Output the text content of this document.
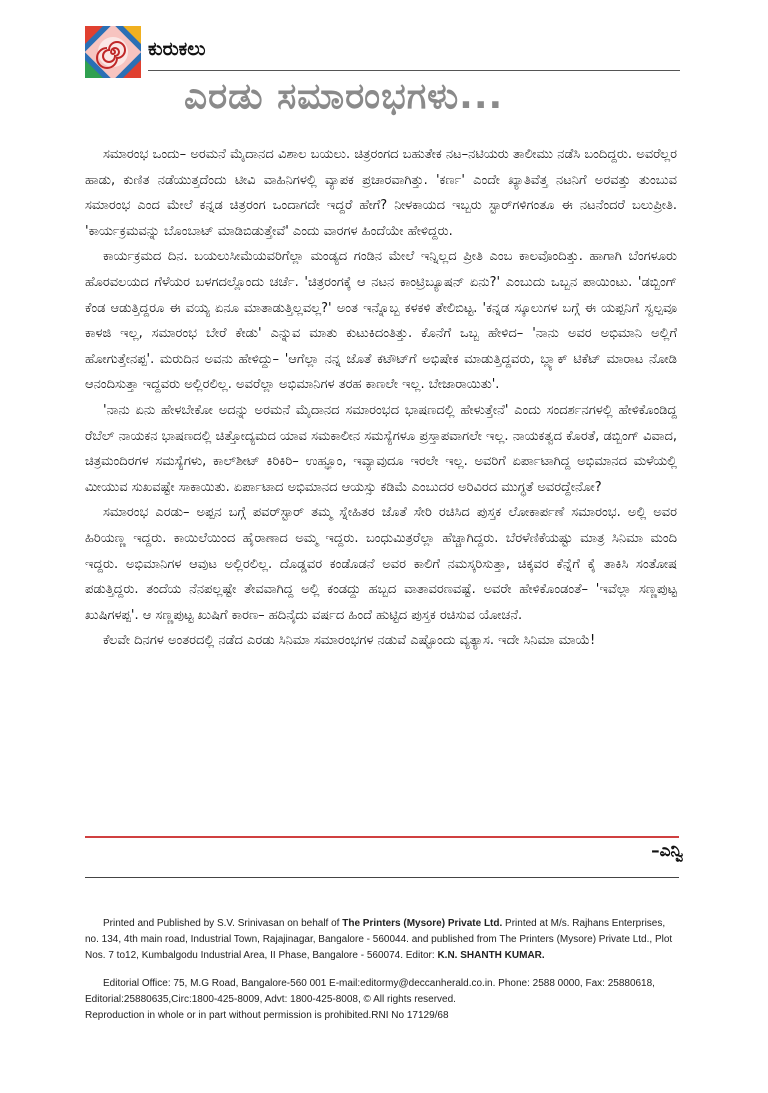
ಕುರುಕಲು
ಎರಡು ಸಮಾರಂಭಗಳು...

ಸಮಾರಂಭ ಒಂದು– ಅರಮನೆ ಮೈದಾನದ ವಿಶಾಲ ಬಯಲು. ಚಿತ್ರರಂಗದ ಬಹುತೇಕ ನಟ–ನಟಿಯರು ತಾಲೀಮು ನಡೆಸಿ ಬಂದಿದ್ದರು. ಅವರೆಲ್ಲರ ಹಾಡು, ಕುಣಿತ ನಡೆಯುತ್ತದೆಂದು ಟೀವಿ ವಾಹಿನಿಗಳಲ್ಲಿ ವ್ಯಾಪಕ ಪ್ರಚಾರವಾಗಿತ್ತು. 'ಕರ್ಣ' ಎಂದೇ ಖ್ಯಾತಿವೆತ್ತ ನಟನಿಗೆ ಅರವತ್ತು ತುಂಬುವ ಸಮಾರಂಭ ಎಂದ ಮೇಲೆ ಕನ್ನಡ ಚಿತ್ರರಂಗ ಒಂದಾಗದೇ ಇದ್ದರೆ ಹೇಗೆ? ನೀಳಕಾಯದ ಇಬ್ಬರು ಸ್ಟಾರ್‌ಗಳಿಗಂತೂ ಈ ನಟನೆಂದರೆ ಬಲುಪ್ರೀತಿ. 'ಕಾರ್ಯಕ್ರಮವನ್ನು ಬೊಂಬಾಟ್ ಮಾಡಿಬಿಡುತ್ತೇವೆ' ಎಂದು ವಾರಗಳ ಹಿಂದೆಯೇ ಹೇಳಿದ್ದರು.

ಕಾರ್ಯಕ್ರಮದ ದಿನ. ಬಯಲುಸೀಮೆಯವರಿಗೆಲ್ಲಾ ಮಂಡ್ಯದ ಗಂಡಿನ ಮೇಲೆ ಇನ್ನಿಲ್ಲದ ಪ್ರೀತಿ ಎಂಬ ಕಾಲವೊಂದಿತ್ತು. ಹಾಗಾಗಿ ಬೆಂಗಳೂರು ಹೊರವಲಯದ ಗೆಳೆಯರ ಬಳಗದಲ್ಲೊಂದು ಚರ್ಚೆ. 'ಚಿತ್ರರಂಗಕ್ಕೆ ಆ ನಟನ ಕಾಂಟ್ರಿಬ್ಯೂಷನ್ ಏನು?' ಎಂಬುದು ಒಬ್ಬನ ಪಾಯಿಂಟು. 'ಡಬ್ಬಿಂಗ್ ಕೆಂಡ ಆಡುತ್ತಿದ್ದರೂ ಈ ವಯ್ಯ ಏನೂ ಮಾತಾಡುತ್ತಿಲ್ಲವಲ್ಲ?' ಅಂತ ಇನ್ನೊಬ್ಬ ಕಳಕಳಿ ತೇಲಿಬಿಟ್ಟ. 'ಕನ್ನಡ ಸ್ಕೂಲುಗಳ ಬಗ್ಗೆ ಈ ಯಪ್ಪನಿಗೆ ಸ್ವಲ್ಪವೂ ಕಾಳಜಿ ಇಲ್ಲ, ಸಮಾರಂಭ ಬೇರೆ ಕೇಡು' ಎನ್ನುವ ಮಾತು ಕುಟುಕಿದಂತಿತ್ತು. ಕೊನೆಗೆ ಒಬ್ಬ ಹೇಳಿದ– 'ನಾನು ಅವರ ಅಭಿಮಾನಿ ಅಲ್ಲಿಗೆ ಹೋಗುತ್ತೇನಪ್ಪ'. ಮರುದಿನ ಅವನು ಹೇಳಿದ್ದು– 'ಆಗೆಲ್ಲಾ ನನ್ನ ಜೊತೆ ಕಟೌಟ್‌ಗೆ ಅಭಿಷೇಕ ಮಾಡುತ್ತಿದ್ದವರು, ಬ್ಲ್ಯಾಕ್ ಟಿಕೆಟ್ ಮಾರಾಟ ನೋಡಿ ಆನಂದಿಸುತ್ತಾ ಇದ್ದವರು ಅಲ್ಲಿರಲಿಲ್ಲ. ಅವರೆಲ್ಲಾ ಅಭಿಮಾನಿಗಳ ತರಹ ಕಾಣಲೇ ಇಲ್ಲ. ಬೇಜಾರಾಯಿತು'.

'ನಾನು ಏನು ಹೇಳಬೇಕೋ ಅದನ್ನು ಅರಮನೆ ಮೈದಾನದ ಸಮಾರಂಭದ ಭಾಷಣದಲ್ಲಿ ಹೇಳುತ್ತೇನೆ' ಎಂದು ಸಂದರ್ಶನಗಳಲ್ಲಿ ಹೇಳಿಕೊಂಡಿದ್ದ ರೆಬೆಲ್ ನಾಯಕನ ಭಾಷಣದಲ್ಲಿ ಚಿತ್ತೋದ್ಯಮದ ಯಾವ ಸಮಕಾಲೀನ ಸಮಸ್ಯೆಗಳೂ ಪ್ರಸ್ತಾಪವಾಗಲೇ ಇಲ್ಲ. ನಾಯಕತ್ವದ ಕೊರತೆ, ಡಬ್ಬಿಂಗ್ ವಿವಾದ, ಚಿತ್ರಮಂದಿರಗಳ ಸಮಸ್ಯೆಗಳು, ಕಾಲ್‌ಶೀಟ್ ಕಿರಿಕಿರಿ– ಉಹ್ಞೂಂ, ಇವ್ಯಾವುದೂ ಇರಲೇ ಇಲ್ಲ. ಅವರಿಗೆ ಏರ್ಪಾಟಾಗಿದ್ದ ಅಭಿಮಾನದ ಮಳೆಯಲ್ಲಿ ಮೀಯುವ ಸುಖವಷ್ಟೇ ಸಾಕಾಯಿತು. ಏರ್ಪಾಟಾದ ಅಭಿಮಾನದ ಆಯಸ್ಸು ಕಡಿಮೆ ಎಂಬುದರ ಅರಿವಿರದ ಮುಗ್ಧತೆ ಅವರದ್ದೇನೋ?

ಸಮಾರಂಭ ಎರಡು– ಅಪ್ಪನ ಬಗ್ಗೆ ಪವರ್‌ಸ್ಟಾರ್ ತಮ್ಮ ಸ್ನೇಹಿತರ ಜೊತೆ ಸೇರಿ ರಚಿಸಿದ ಪುಸ್ತಕ ಲೋಕಾರ್ಪಣೆ ಸಮಾರಂಭ. ಅಲ್ಲಿ ಅವರ ಹಿರಿಯಣ್ಣ ಇದ್ದರು. ಕಾಯಿಲೆಯಿಂದ ಹೈರಾಣಾದ ಅಮ್ಮ ಇದ್ದರು. ಬಂಧುಮಿತ್ರರೆಲ್ಲಾ ಹೆಚ್ಚಾಗಿದ್ದರು. ಬೆರಳೆಣಿಕೆಯಷ್ಟು ಮಾತ್ರ ಸಿನಿಮಾ ಮಂದಿ ಇದ್ದರು. ಅಭಿಮಾನಿಗಳ ಆವುಟ ಅಲ್ಲಿರಲಿಲ್ಲ. ದೊಡ್ಡವರ ಕಂಡೊಡನೆ ಅವರ ಕಾಲಿಗೆ ನಮಸ್ಕರಿಸುತ್ತಾ, ಚಿಕ್ಕವರ ಕೆನ್ನೆಗೆ ಕೈ ತಾಕಿಸಿ ಸಂತೋಷ ಪಡುತ್ತಿದ್ದರು. ತಂದೆಯ ನೆನಪಲ್ಲಷ್ಟೇ ತೇವವಾಗಿದ್ದ ಅಲ್ಲಿ ಕಂಡದ್ದು ಹಬ್ಬದ ವಾತಾವರಣವಷ್ಟೆ. ಅವರೇ ಹೇಳಿಕೊಂಡಂತೆ– 'ಇವೆಲ್ಲಾ ಸಣ್ಣಪುಟ್ಟ ಖುಷಿಗಳಪ್ಪ'. ಆ ಸಣ್ಣಪುಟ್ಟ ಖುಷಿಗೆ ಕಾರಣ– ಹದಿನೈದು ವರ್ಷದ ಹಿಂದೆ ಹುಟ್ಟಿದ ಪುಸ್ತಕ ರಚಿಸುವ ಯೋಚನೆ.

ಕೆಲವೇ ದಿನಗಳ ಅಂತರದಲ್ಲಿ ನಡೆದ ಎರಡು ಸಿನಿಮಾ ಸಮಾರಂಭಗಳ ನಡುವೆ ಎಷ್ಟೊಂದು ವ್ಯತ್ಯಾಸ. ಇದೇ ಸಿನಿಮಾ ಮಾಯೆ!

–ಎನ್ವಿ

Printed and Published by S.V. Srinivasan on behalf of The Printers (Mysore) Private Ltd. Printed at M/s. Rajhans Enterprises, no. 134, 4th main road, Industrial Town, Rajajinagar, Bangalore - 560044. and published from The Printers (Mysore) Private Ltd., Plot Nos. 7 to12, Kumbalgodu Industrial Area, II Phase, Bangalore - 560074. Editor: K.N. SHANTH KUMAR.

Editorial Office: 75, M.G Road, Bangalore-560 001 E-mail:editormy@deccanherald.co.in. Phone: 2588 0000, Fax: 25880618, Editorial:25880635,Circ:1800-425-8009, Advt: 1800-425-8008, © All rights reserved.

Reproduction in whole or in part without permission is prohibited.RNI No 17129/68
